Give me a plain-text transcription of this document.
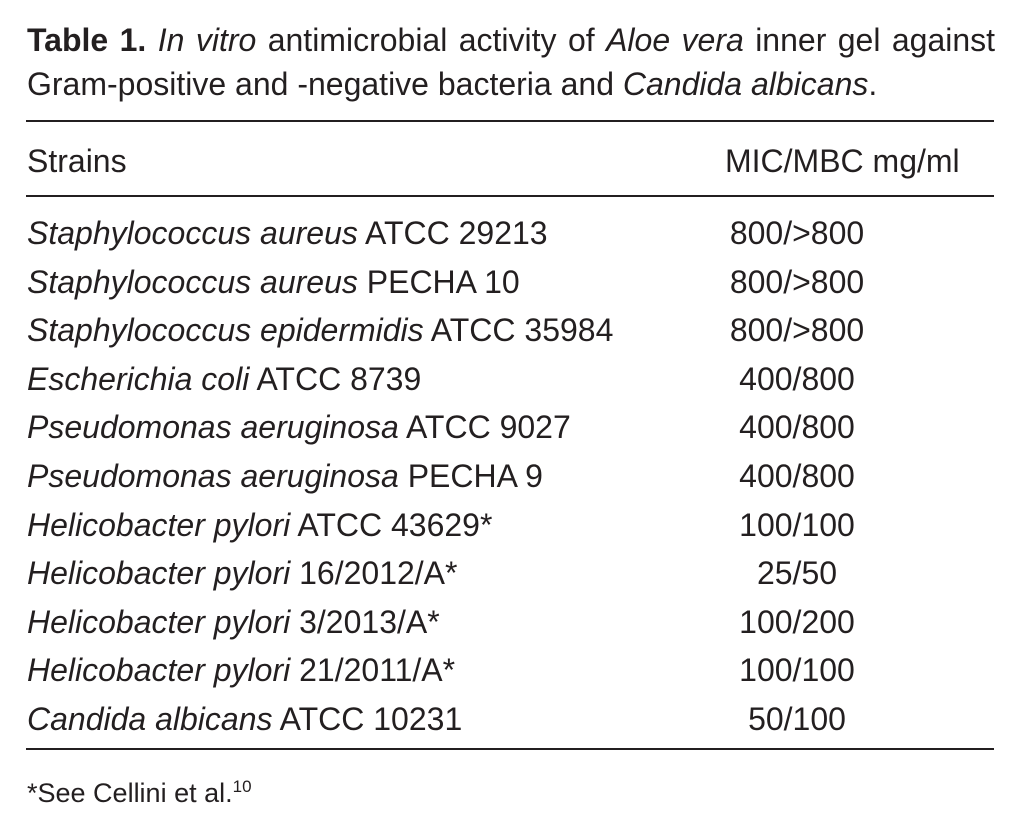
Table 1. In vitro antimicrobial activity of Aloe vera inner gel against Gram-positive and -negative bacteria and Candida albicans.
Strains	MIC/MBC mg/ml
Staphylococcus aureus ATCC 29213	800/>800
Staphylococcus aureus PECHA 10	800/>800
Staphylococcus epidermidis ATCC 35984	800/>800
Escherichia coli ATCC 8739	400/800
Pseudomonas aeruginosa ATCC 9027	400/800
Pseudomonas aeruginosa PECHA 9	400/800
Helicobacter pylori ATCC 43629*	100/100
Helicobacter pylori 16/2012/A*	25/50
Helicobacter pylori 3/2013/A*	100/200
Helicobacter pylori 21/2011/A*	100/100
Candida albicans ATCC 10231	50/100
*See Cellini et al.$^{10}$
